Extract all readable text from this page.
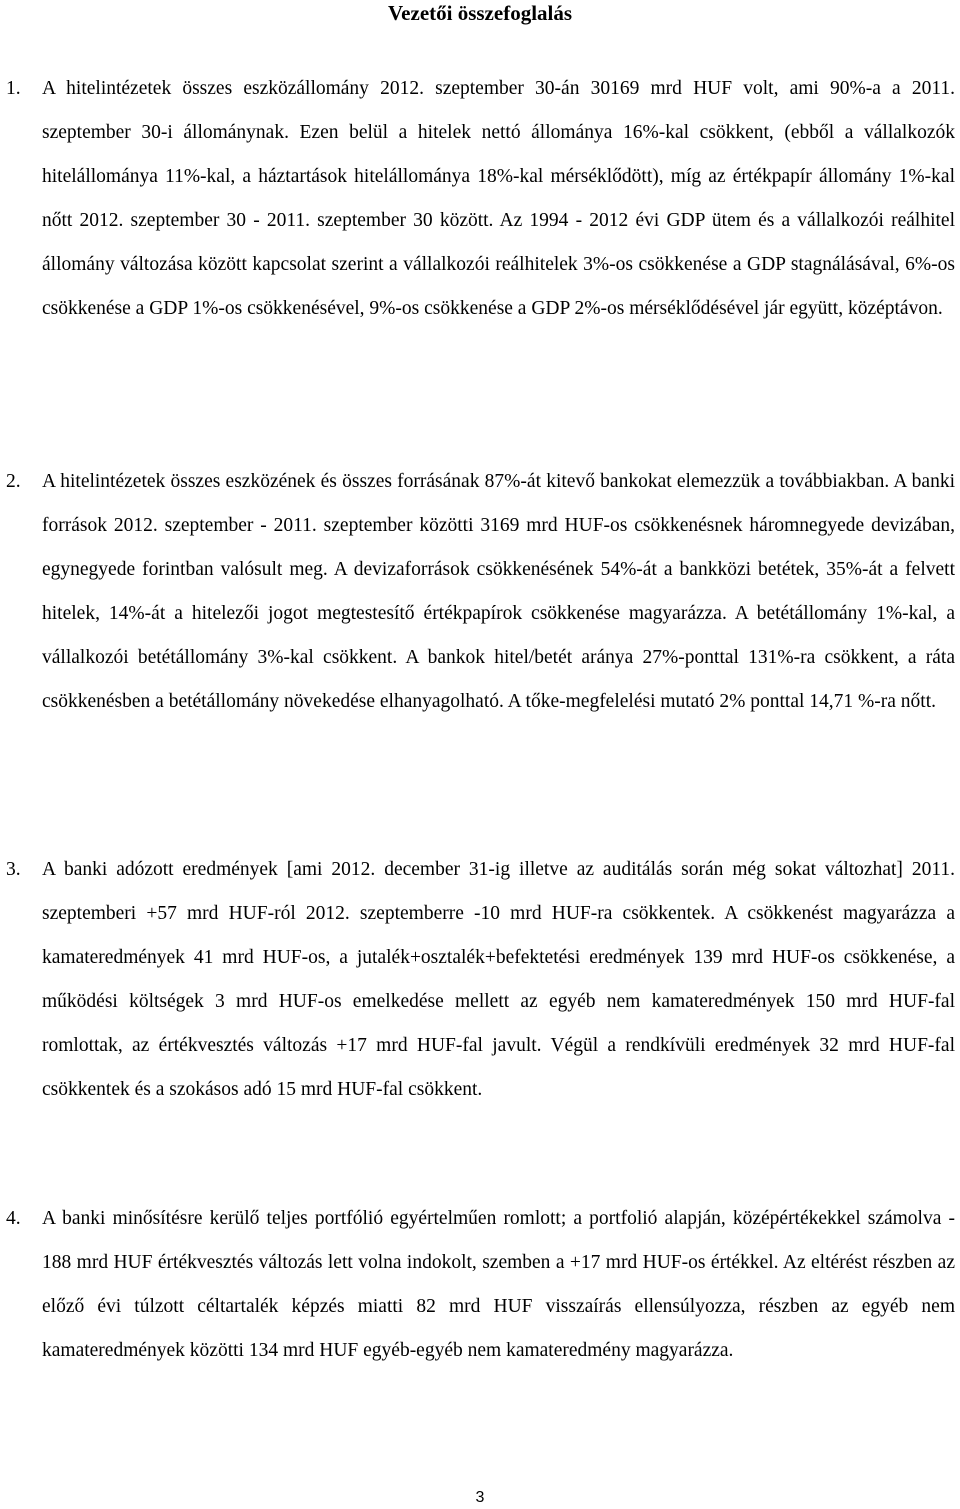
Vezetői összefoglalás
1.	A hitelintézetek összes eszközállomány 2012. szeptember 30-án 30169 mrd HUF volt, ami 90%-a a 2011. szeptember 30-i állománynak. Ezen belül a hitelek nettó állománya 16%-kal csökkent, (ebből a vállalkozók hitelállománya 11%-kal, a háztartások hitelállománya 18%-kal mérséklődött), míg az értékpapír állomány 1%-kal nőtt 2012. szeptember 30 - 2011. szeptember 30 között. Az 1994 - 2012 évi GDP ütem és a vállalkozói reálhitel állomány változása között kapcsolat szerint a vállalkozói reálhitelek 3%-os csökkenése a GDP stagnálásával, 6%-os csökkenése a GDP 1%-os csökkenésével, 9%-os csökkenése a GDP 2%-os mérséklődésével jár együtt, középtávon.
2.	A hitelintézetek összes eszközének és összes forrásának 87%-át kitevő bankokat elemezzük a továbbiakban. A banki források 2012. szeptember - 2011. szeptember közötti 3169 mrd HUF-os csökkenésnek háromnegyede devizában, egynegyede forintban valósult meg. A devizaforrások csökkenésének 54%-át a bankközi betétek, 35%-át a felvett hitelek, 14%-át a hitelezői jogot megtestesítő értékpapírok csökkenése magyarázza. A betétállomány 1%-kal, a vállalkozói betétállomány 3%-kal csökkent. A bankok hitel/betét aránya 27%-ponttal 131%-ra csökkent, a ráta csökkenésben a betétállomány növekedése elhanyagolható. A tőke-megfelelési mutató 2% ponttal 14,71 %-ra nőtt.
3.	A banki adózott eredmények [ami 2012. december 31-ig illetve az auditálás során még sokat változhat] 2011. szeptemberi +57 mrd HUF-ról 2012. szeptemberre -10 mrd HUF-ra csökkentek. A csökkenést magyarázza a kamateredmények 41 mrd HUF-os, a jutalék+osztalék+befektetési eredmények 139 mrd HUF-os csökkenése, a működési költségek 3 mrd HUF-os emelkedése mellett az egyéb nem kamateredmények 150 mrd HUF-fal romlottak, az értékvesztés változás +17 mrd HUF-fal javult. Végül a rendkívüli eredmények 32 mrd HUF-fal csökkentek és a szokásos adó 15 mrd HUF-fal csökkent.
4.	A banki minősítésre kerülő teljes portfólió egyértelműen romlott; a portfolió alapján, középértékekkel számolva - 188 mrd HUF értékvesztés változás lett volna indokolt, szemben a +17 mrd HUF-os értékkel. Az eltérést részben az előző évi túlzott céltartalék képzés miatti 82 mrd HUF visszaírás ellensúlyozza, részben az egyéb nem kamateredmények közötti 134 mrd HUF egyéb-egyéb nem kamateredmény magyarázza.
3
